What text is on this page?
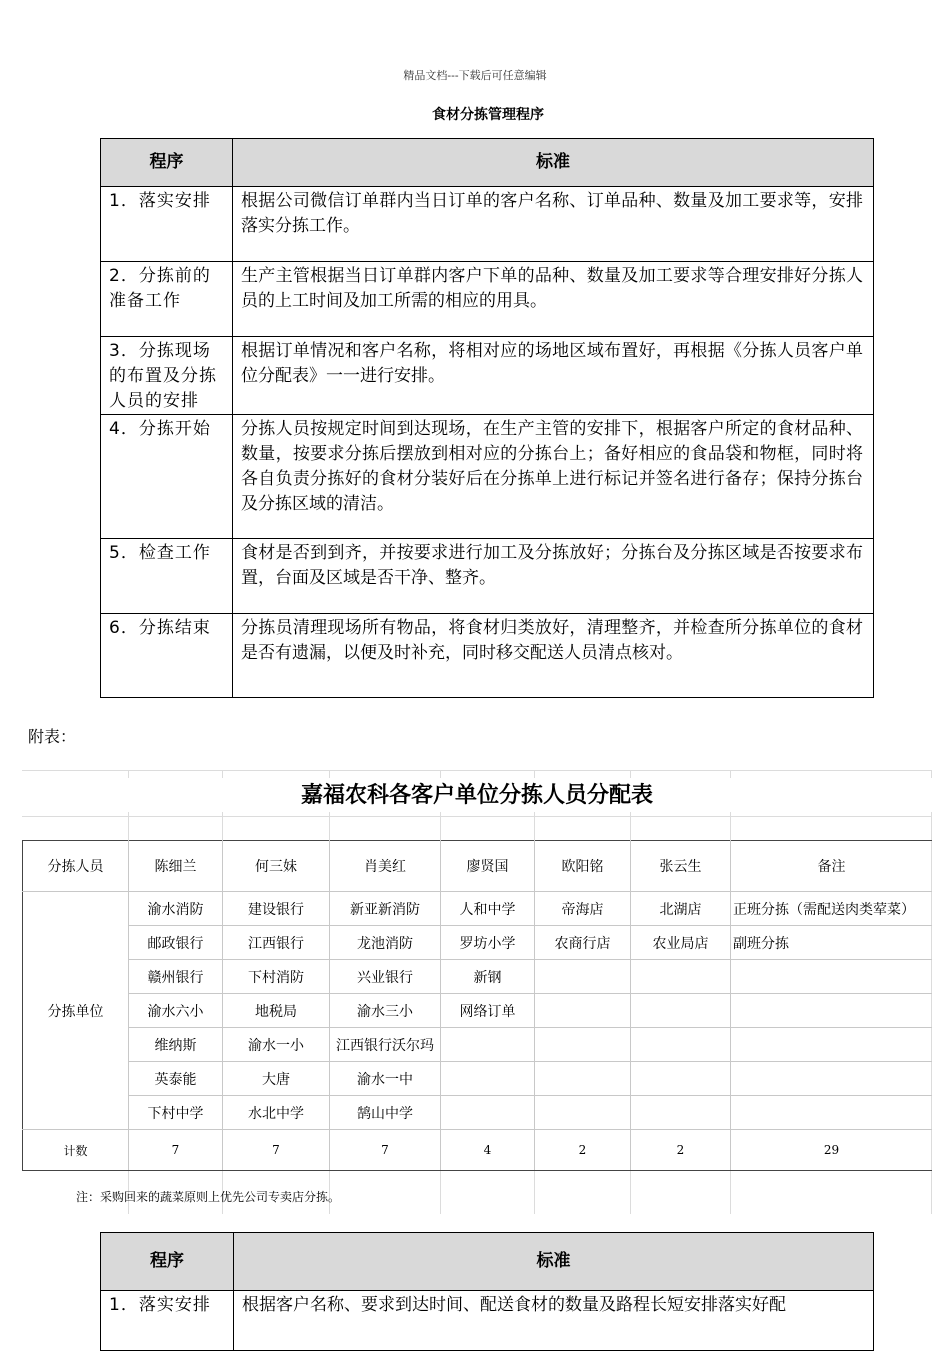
精品文档---下载后可任意编辑
食材分拣管理程序
程序	标准
1．落实安排	根据公司微信订单群内当日订单的客户名称、订单品种、数量及加工要求等，安排落实分拣工作。
2．分拣前的准备工作	生产主管根据当日订单群内客户下单的品种、数量及加工要求等合理安排好分拣人员的上工时间及加工所需的相应的用具。
3．分拣现场的布置及分拣人员的安排	根据订单情况和客户名称，将相对应的场地区域布置好，再根据《分拣人员客户单位分配表》一一进行安排。
4．分拣开始	分拣人员按规定时间到达现场，在生产主管的安排下，根据客户所定的食材品种、数量，按要求分拣后摆放到相对应的分拣台上；备好相应的食品袋和物框，同时将各自负责分拣好的食材分装好后在分拣单上进行标记并签名进行备存；保持分拣台及分拣区域的清洁。
5．检查工作	食材是否到到齐，并按要求进行加工及分拣放好；分拣台及分拣区域是否按要求布置，台面及区域是否干净、整齐。
6．分拣结束	分拣员清理现场所有物品，将食材归类放好，清理整齐，并检查所分拣单位的食材是否有遗漏，以便及时补充，同时移交配送人员清点核对。
附表：
嘉福农科各客户单位分拣人员分配表
分拣人员	陈细兰	何三妹	肖美红	廖贤国	欧阳铭	张云生	备注
分拣单位	渝水消防	建设银行	新亚新消防	人和中学	帝海店	北湖店	正班分拣（需配送肉类荤菜）
	邮政银行	江西银行	龙池消防	罗坊小学	农商行店	农业局店	副班分拣
	赣州银行	下村消防	兴业银行	新钢			
	渝水六小	地税局	渝水三小	网络订单			
	维纳斯	渝水一小	江西银行沃尔玛				
	英泰能	大唐	渝水一中				
	下村中学	水北中学	鹄山中学				
计数	7	7	7	4	2	2	29
注：采购回来的蔬菜原则上优先公司专卖店分拣。
程序	标准
1．落实安排	根据客户名称、要求到达时间、配送食材的数量及路程长短安排落实好配
